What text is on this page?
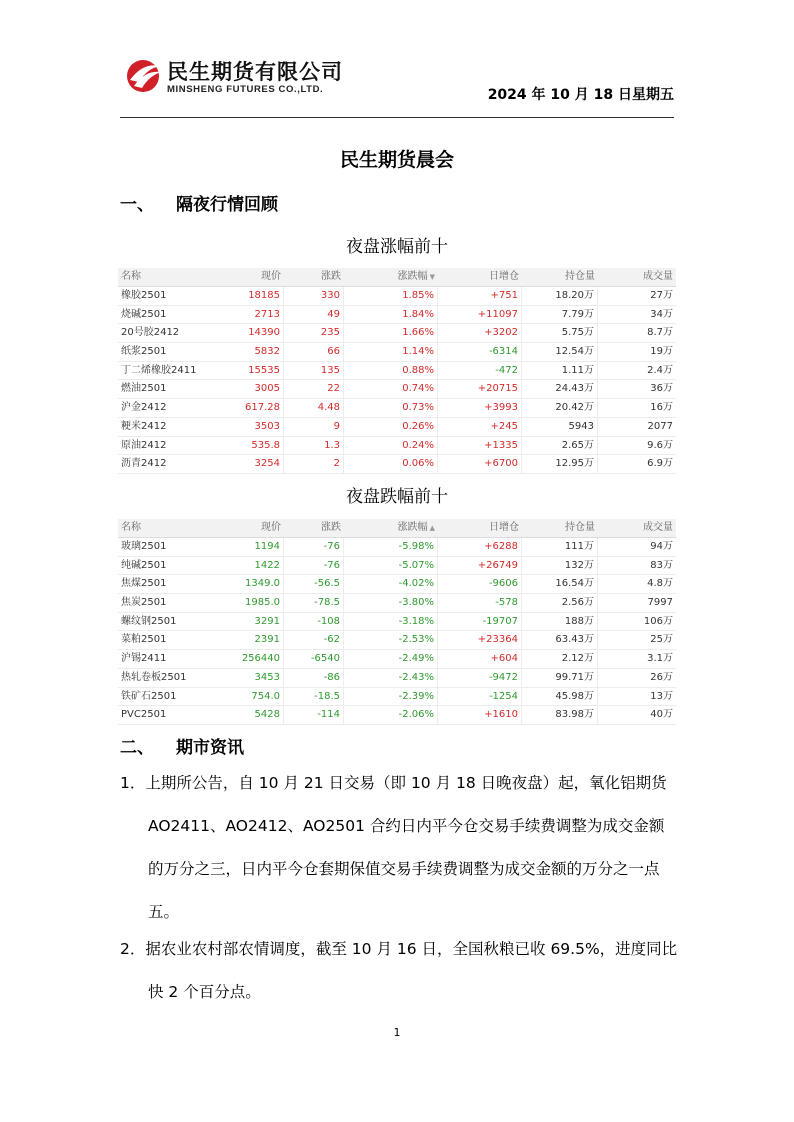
民生期货有限公司
MINSHENG FUTURES CO.,LTD.	2024 年 10 月 18 日星期五
民生期货晨会
一、 隔夜行情回顾
夜盘涨幅前十
名称	现价	涨跌	涨跌幅 ▼	日增仓	持仓量	成交量
橡胶2501	18185	330	1.85%	+751	18.20万	27万
烧碱2501	2713	49	1.84%	+11097	7.79万	34万
20号胶2412	14390	235	1.66%	+3202	5.75万	8.7万
纸浆2501	5832	66	1.14%	-6314	12.54万	19万
丁二烯橡胶2411	15535	135	0.88%	-472	1.11万	2.4万
燃油2501	3005	22	0.74%	+20715	24.43万	36万
沪金2412	617.28	4.48	0.73%	+3993	20.42万	16万
粳米2412	3503	9	0.26%	+245	5943	2077
原油2412	535.8	1.3	0.24%	+1335	2.65万	9.6万
沥青2412	3254	2	0.06%	+6700	12.95万	6.9万
夜盘跌幅前十
名称	现价	涨跌	涨跌幅 ▲	日增仓	持仓量	成交量
玻璃2501	1194	-76	-5.98%	+6288	111万	94万
纯碱2501	1422	-76	-5.07%	+26749	132万	83万
焦煤2501	1349.0	-56.5	-4.02%	-9606	16.54万	4.8万
焦炭2501	1985.0	-78.5	-3.80%	-578	2.56万	7997
螺纹钢2501	3291	-108	-3.18%	-19707	188万	106万
菜粕2501	2391	-62	-2.53%	+23364	63.43万	25万
沪锡2411	256440	-6540	-2.49%	+604	2.12万	3.1万
热轧卷板2501	3453	-86	-2.43%	-9472	99.71万	26万
铁矿石2501	754.0	-18.5	-2.39%	-1254	45.98万	13万
PVC2501	5428	-114	-2.06%	+1610	83.98万	40万
二、 期市资讯
1．上期所公告，自 10 月 21 日交易（即 10 月 18 日晚夜盘）起，氧化铝期货
AO2411、AO2412、AO2501 合约日内平今仓交易手续费调整为成交金额
的万分之三，日内平今仓套期保值交易手续费调整为成交金额的万分之一点
五。
2．据农业农村部农情调度，截至 10 月 16 日，全国秋粮已收 69.5%，进度同比
快 2 个百分点。
1
